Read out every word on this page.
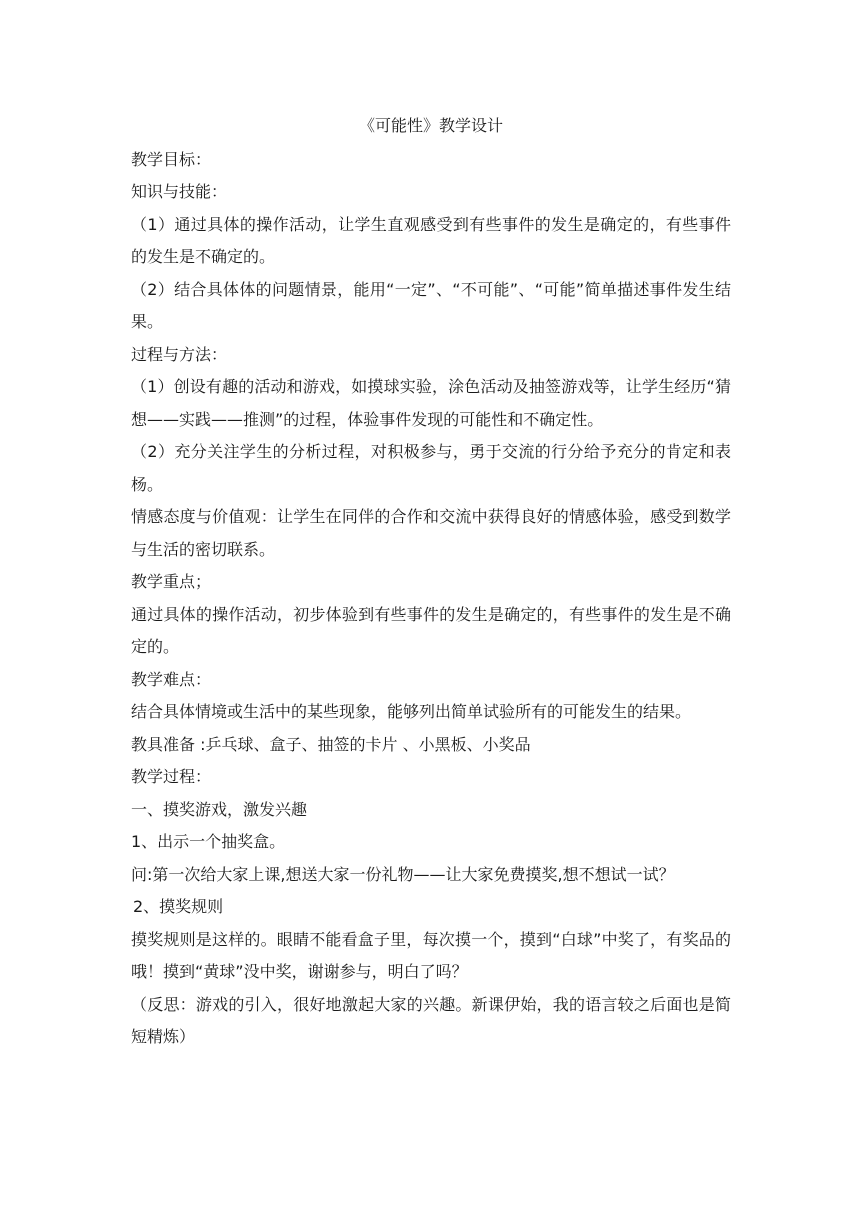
《可能性》教学设计

教学目标：

知识与技能：

（1）通过具体的操作活动，让学生直观感受到有些事件的发生是确定的，有些事件的发生是不确定的。

（2）结合具体体的问题情景，能用“一定”、“不可能”、“可能”简单描述事件发生结果。

过程与方法：

（1）创设有趣的活动和游戏，如摸球实验，涂色活动及抽签游戏等，让学生经历“猜想——实践——推测”的过程，体验事件发现的可能性和不确定性。

（2）充分关注学生的分析过程，对积极参与，勇于交流的行分给予充分的肯定和表杨。

情感态度与价值观：让学生在同伴的合作和交流中获得良好的情感体验，感受到数学与生活的密切联系。

教学重点；

通过具体的操作活动，初步体验到有些事件的发生是确定的，有些事件的发生是不确定的。

教学难点：

结合具体情境或生活中的某些现象，能够列出简单试验所有的可能发生的结果。

教具准备 :乒乓球、盒子、抽签的卡片 、小黑板、小奖品

教学过程：

一、摸奖游戏，激发兴趣

1、出示一个抽奖盒。

问:第一次给大家上课,想送大家一份礼物——让大家免费摸奖,想不想试一试？

2、摸奖规则

摸奖规则是这样的。眼睛不能看盒子里，每次摸一个，摸到“白球”中奖了，有奖品的哦！摸到“黄球”没中奖，谢谢参与，明白了吗？

（反思：游戏的引入，很好地激起大家的兴趣。新课伊始，我的语言较之后面也是简短精炼）
